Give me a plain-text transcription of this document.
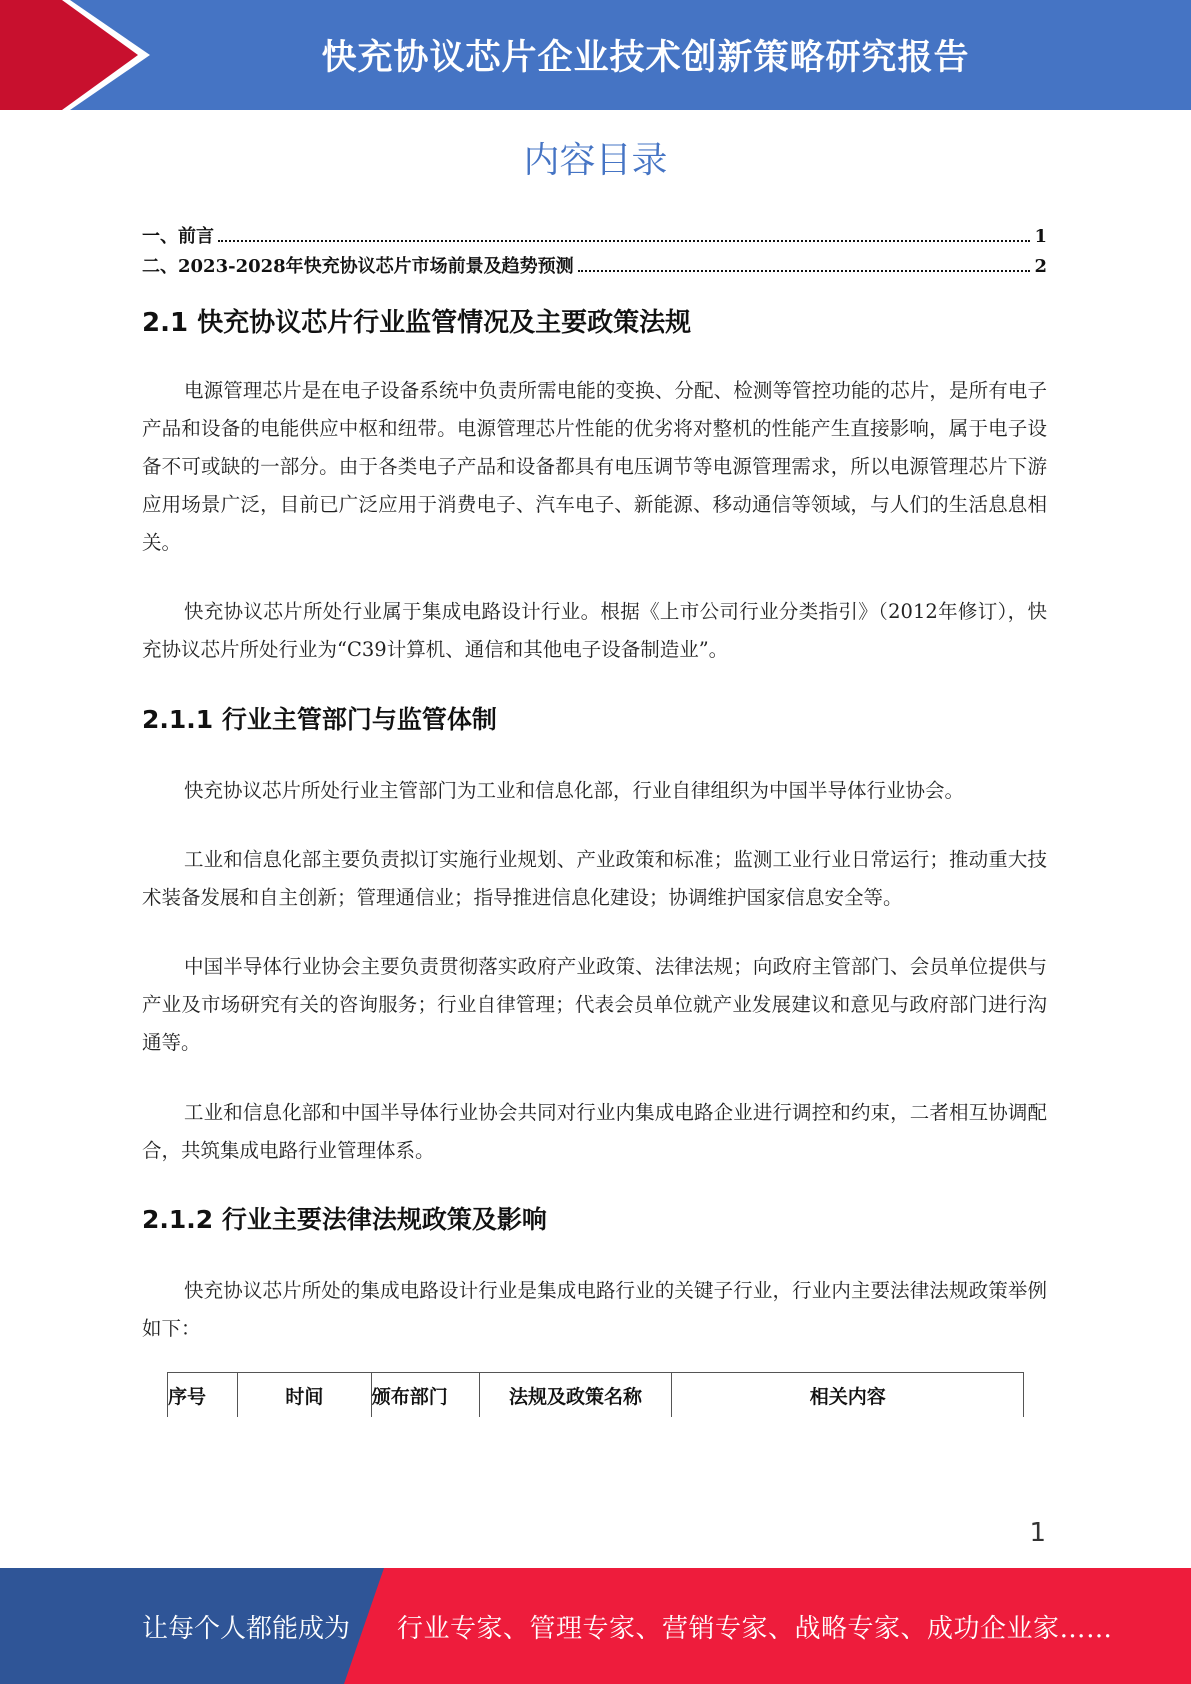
快充协议芯片企业技术创新策略研究报告
内容目录
一、前言	1
二、2023-2028年快充协议芯片市场前景及趋势预测	2
2.1 快充协议芯片行业监管情况及主要政策法规
电源管理芯片是在电子设备系统中负责所需电能的变换、分配、检测等管控功能的芯片，是所有电子产品和设备的电能供应中枢和纽带。电源管理芯片性能的优劣将对整机的性能产生直接影响，属于电子设备不可或缺的一部分。由于各类电子产品和设备都具有电压调节等电源管理需求，所以电源管理芯片下游应用场景广泛，目前已广泛应用于消费电子、汽车电子、新能源、移动通信等领域，与人们的生活息息相关。
快充协议芯片所处行业属于集成电路设计行业。根据《上市公司行业分类指引》（2012年修订），快充协议芯片所处行业为“C39计算机、通信和其他电子设备制造业”。
2.1.1 行业主管部门与监管体制
快充协议芯片所处行业主管部门为工业和信息化部，行业自律组织为中国半导体行业协会。
工业和信息化部主要负责拟订实施行业规划、产业政策和标准；监测工业行业日常运行；推动重大技术装备发展和自主创新；管理通信业；指导推进信息化建设；协调维护国家信息安全等。
中国半导体行业协会主要负责贯彻落实政府产业政策、法律法规；向政府主管部门、会员单位提供与产业及市场研究有关的咨询服务；行业自律管理；代表会员单位就产业发展建议和意见与政府部门进行沟通等。
工业和信息化部和中国半导体行业协会共同对行业内集成电路企业进行调控和约束，二者相互协调配合，共筑集成电路行业管理体系。
2.1.2 行业主要法律法规政策及影响
快充协议芯片所处的集成电路设计行业是集成电路行业的关键子行业，行业内主要法律法规政策举例如下：
序号	时间	颁布部门	法规及政策名称	相关内容
1
让每个人都能成为 行业专家、管理专家、营销专家、战略专家、成功企业家……
